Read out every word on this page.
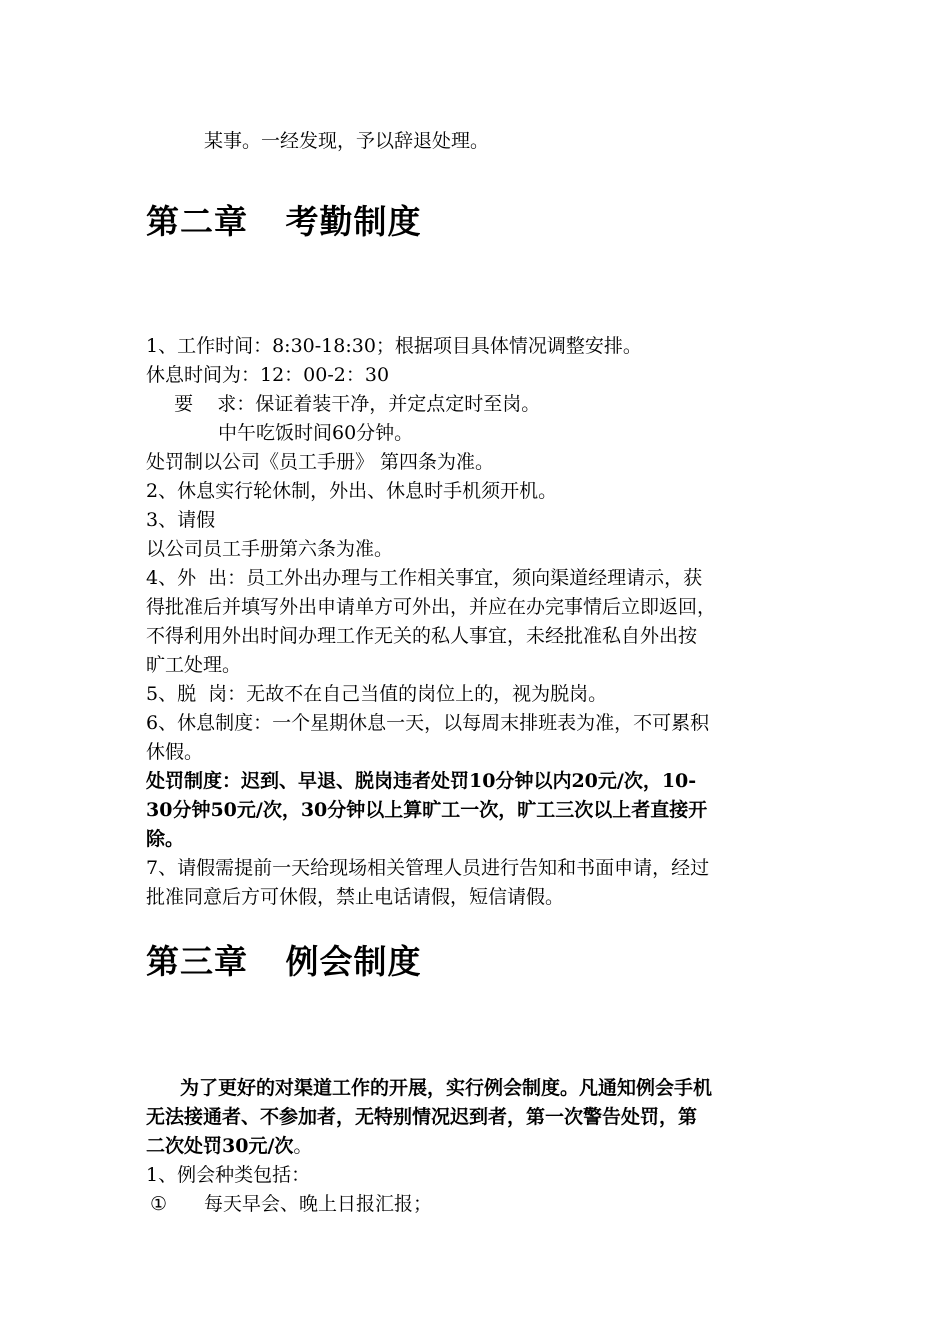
某事。一经发现，予以辞退处理。
第二章   考勤制度
1、工作时间：8:30-18:30；根据项目具体情况调整安排。
休息时间为：12：00-2：30
要    求：保证着装干净，并定点定时至岗。
中午吃饭时间60分钟。
处罚制以公司《员工手册》 第四条为准。
2、休息实行轮休制，外出、休息时手机须开机。
3、请假
以公司员工手册第六条为准。
4、外  出：员工外出办理与工作相关事宜，须向渠道经理请示，获
得批准后并填写外出申请单方可外出，并应在办完事情后立即返回，
不得利用外出时间办理工作无关的私人事宜，未经批准私自外出按
旷工处理。
5、脱  岗：无故不在自己当值的岗位上的，视为脱岗。
6、休息制度：一个星期休息一天，以每周末排班表为准，不可累积
休假。
处罚制度：迟到、早退、脱岗违者处罚10分钟以内20元/次，10-
30分钟50元/次，30分钟以上算旷工一次，旷工三次以上者直接开
除。
7、请假需提前一天给现场相关管理人员进行告知和书面申请，经过
批准同意后方可休假，禁止电话请假，短信请假。
第三章   例会制度
为了更好的对渠道工作的开展，实行例会制度。凡通知例会手机
无法接通者、不参加者，无特别情况迟到者，第一次警告处罚，第
二次处罚30元/次。
1、例会种类包括：
① 每天早会、晚上日报汇报；
